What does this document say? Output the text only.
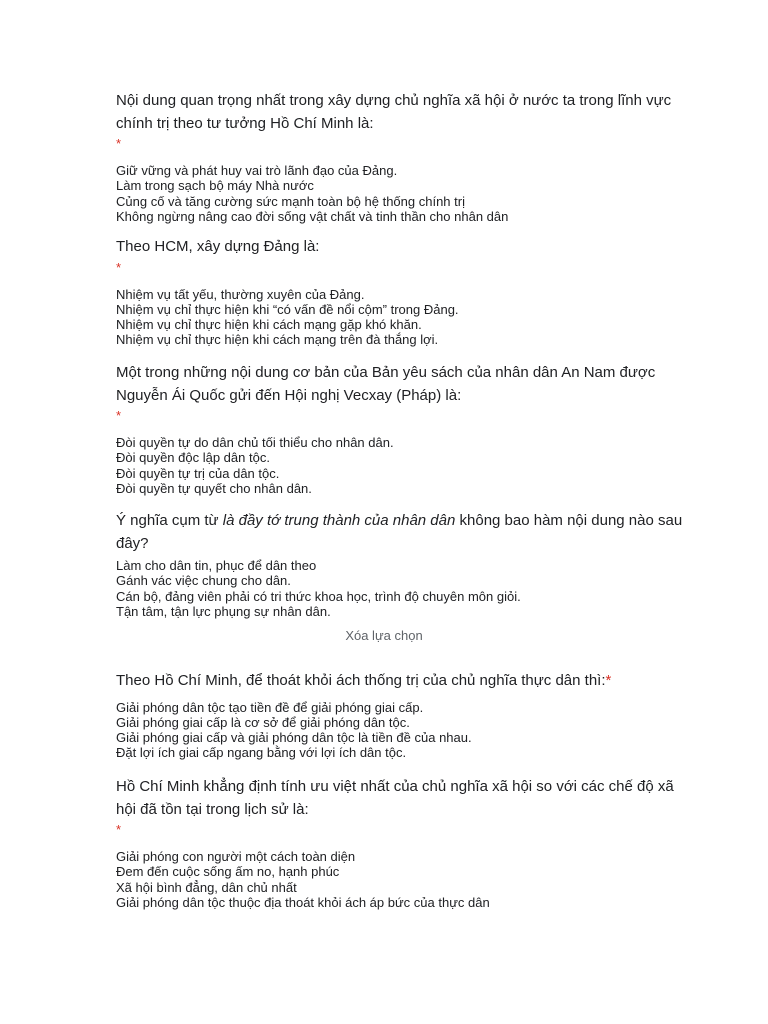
Nội dung quan trọng nhất trong xây dựng chủ nghĩa xã hội ở nước ta trong lĩnh vực chính trị theo tư tưởng Hồ Chí Minh là:

*
Giữ vững và phát huy vai trò lãnh đạo của Đảng.
Làm trong sạch bộ máy Nhà nước
Củng cố và tăng cường sức mạnh toàn bộ hệ thống chính trị
Không ngừng nâng cao đời sống vật chất và tinh thần cho nhân dân

Theo HCM, xây dựng Đảng là:

*
Nhiệm vụ tất yếu, thường xuyên của Đảng.
Nhiệm vụ chỉ thực hiện khi “có vấn đề nổi cộm” trong Đảng.
Nhiệm vụ chỉ thực hiện khi cách mạng gặp khó khăn.
Nhiệm vụ chỉ thực hiện khi cách mạng trên đà thắng lợi.

Một trong những nội dung cơ bản của Bản yêu sách của nhân dân An Nam được Nguyễn Ái Quốc gửi đến Hội nghị Vecxay (Pháp) là:

*
Đòi quyền tự do dân chủ tối thiểu cho nhân dân.
Đòi quyền độc lập dân tộc.
Đòi quyền tự trị của dân tộc.
Đòi quyền tự quyết cho nhân dân.

Ý nghĩa cụm từ là đầy tớ trung thành của nhân dân không bao hàm nội dung nào sau đây?

Làm cho dân tin, phục để dân theo
Gánh vác việc chung cho dân.
Cán bộ, đảng viên phải có tri thức khoa học, trình độ chuyên môn giỏi.
Tận tâm, tận lực phụng sự nhân dân.
Xóa lựa chọn

Theo Hồ Chí Minh, để thoát khỏi ách thống trị của chủ nghĩa thực dân thì:*

Giải phóng dân tộc tạo tiền đề để giải phóng giai cấp.
Giải phóng giai cấp là cơ sở để giải phóng dân tộc.
Giải phóng giai cấp và giải phóng dân tộc là tiền đề của nhau.
Đặt lợi ích giai cấp ngang bằng với lợi ích dân tộc.

Hồ Chí Minh khẳng định tính ưu việt nhất của chủ nghĩa xã hội so với các chế độ xã hội đã tồn tại trong lịch sử là:

*
Giải phóng con người một cách toàn diện
Đem đến cuộc sống ấm no, hạnh phúc
Xã hội bình đẳng, dân chủ nhất
Giải phóng dân tộc thuộc địa thoát khỏi ách áp bức của thực dân
